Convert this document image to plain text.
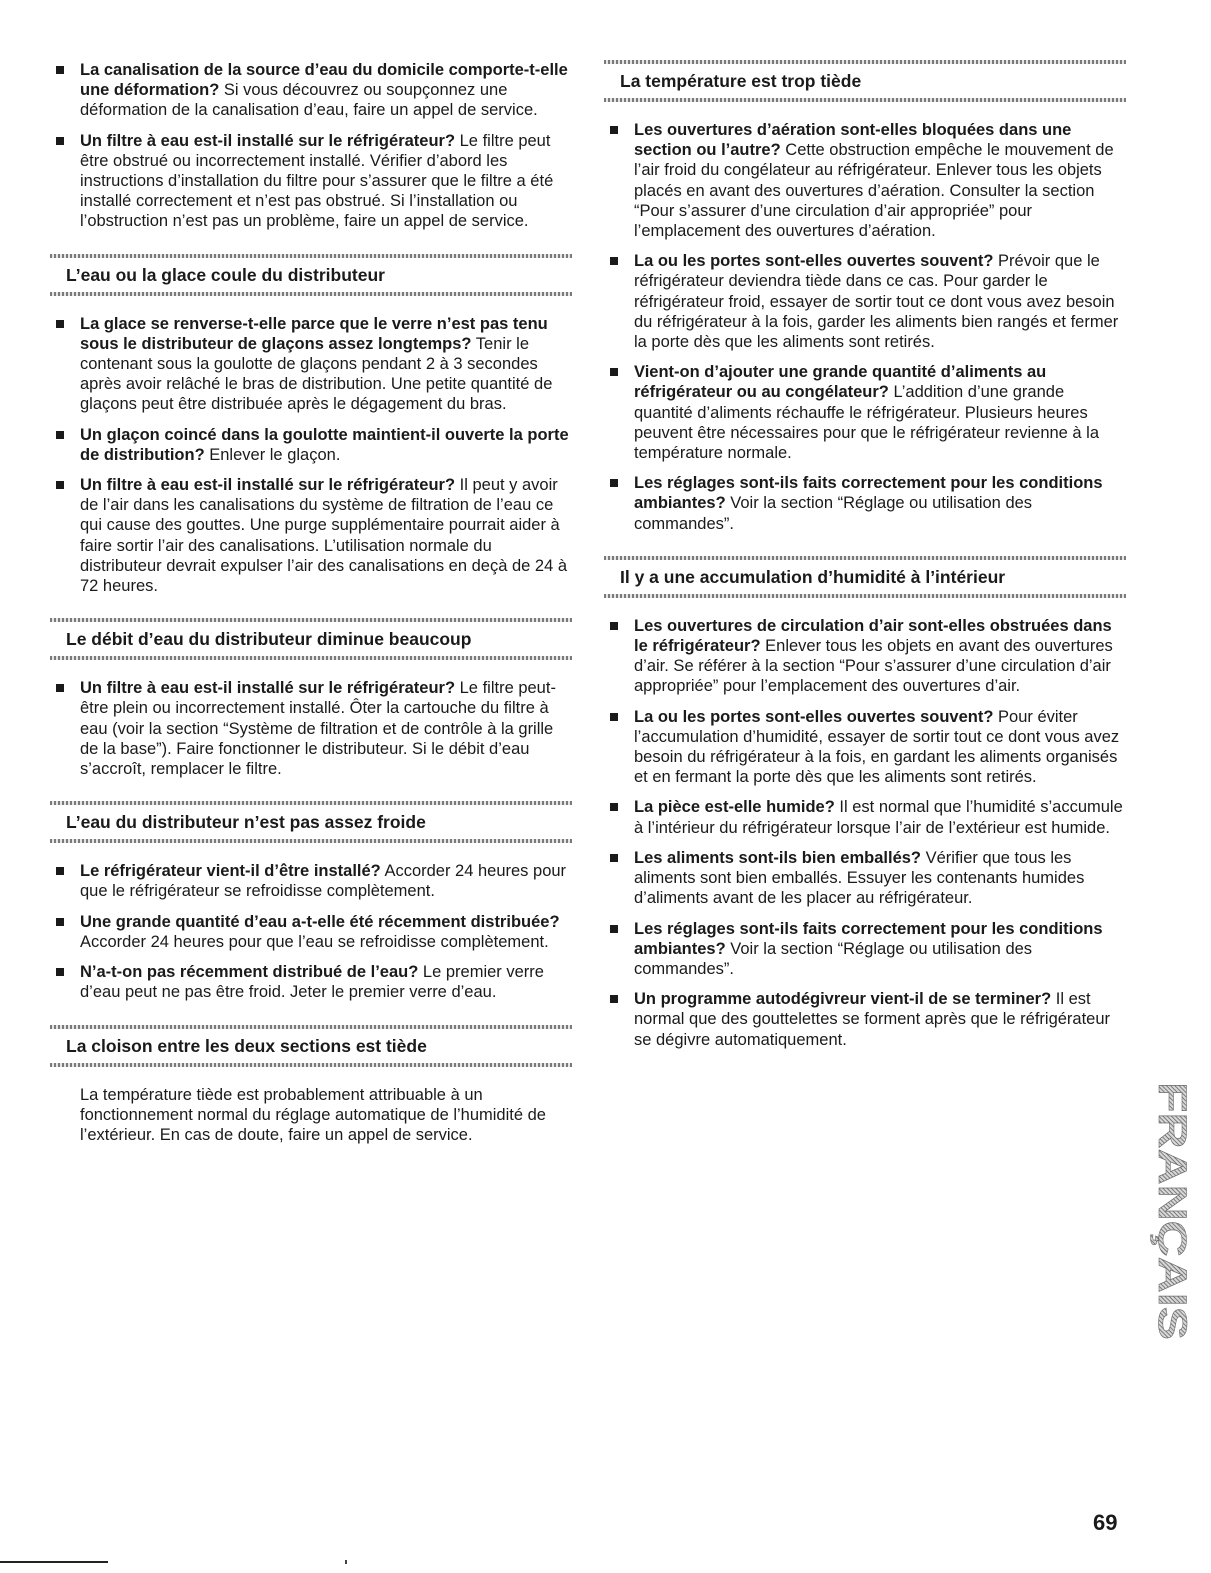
La canalisation de la source d’eau du domicile comporte-t-elle une déformation? Si vous découvrez ou soupçonnez une déformation de la canalisation d’eau, faire un appel de service.
Un filtre à eau est-il installé sur le réfrigérateur? Le filtre peut être obstrué ou incorrectement installé. Vérifier d’abord les instructions d’installation du filtre pour s’assurer que le filtre a été installé correctement et n’est pas obstrué. Si l’installation ou l’obstruction n’est pas un problème, faire un appel de service.
L’eau ou la glace coule du distributeur
La glace se renverse-t-elle parce que le verre n’est pas tenu sous le distributeur de glaçons assez longtemps? Tenir le contenant sous la goulotte de glaçons pendant 2 à 3 secondes après avoir relâché le bras de distribution. Une petite quantité de glaçons peut être distribuée après le dégagement du bras.
Un glaçon coincé dans la goulotte maintient-il ouverte la porte de distribution? Enlever le glaçon.
Un filtre à eau est-il installé sur le réfrigérateur? Il peut y avoir de l’air dans les canalisations du système de filtration de l’eau ce qui cause des gouttes. Une purge supplémentaire pourrait aider à faire sortir l’air des canalisations. L’utilisation normale du distributeur devrait expulser l’air des canalisations en deçà de 24 à 72 heures.
Le débit d’eau du distributeur diminue beaucoup
Un filtre à eau est-il installé sur le réfrigérateur? Le filtre peut-être plein ou incorrectement installé. Ôter la cartouche du filtre à eau (voir la section “Système de filtration et de contrôle à la grille de la base”). Faire fonctionner le distributeur. Si le débit d’eau s’accroît, remplacer le filtre.
L’eau du distributeur n’est pas assez froide
Le réfrigérateur vient-il d’être installé? Accorder 24 heures pour que le réfrigérateur se refroidisse complètement.
Une grande quantité d’eau a-t-elle été récemment distribuée? Accorder 24 heures pour que l’eau se refroidisse complètement.
N’a-t-on pas récemment distribué de l’eau? Le premier verre d’eau peut ne pas être froid. Jeter le premier verre d’eau.
La cloison entre les deux sections est tiède

La température tiède est probablement attribuable à un fonctionnement normal du réglage automatique de l’humidité de l’extérieur. En cas de doute, faire un appel de service.

La température est trop tiède
Les ouvertures d’aération sont-elles bloquées dans une section ou l’autre? Cette obstruction empêche le mouvement de l’air froid du congélateur au réfrigérateur. Enlever tous les objets placés en avant des ouvertures d’aération. Consulter la section “Pour s’assurer d’une circulation d’air appropriée” pour l’emplacement des ouvertures d’aération.
La ou les portes sont-elles ouvertes souvent? Prévoir que le réfrigérateur deviendra tiède dans ce cas. Pour garder le réfrigérateur froid, essayer de sortir tout ce dont vous avez besoin du réfrigérateur à la fois, garder les aliments bien rangés et fermer la porte dès que les aliments sont retirés.
Vient-on d’ajouter une grande quantité d’aliments au réfrigérateur ou au congélateur? L’addition d’une grande quantité d’aliments réchauffe le réfrigérateur. Plusieurs heures peuvent être nécessaires pour que le réfrigérateur revienne à la température normale.
Les réglages sont-ils faits correctement pour les conditions ambiantes? Voir la section “Réglage ou utilisation des commandes”.
Il y a une accumulation d’humidité à l’intérieur
Les ouvertures de circulation d’air sont-elles obstruées dans le réfrigérateur? Enlever tous les objets en avant des ouvertures d’air. Se référer à la section “Pour s’assurer d’une circulation d’air appropriée” pour l’emplacement des ouvertures d’air.
La ou les portes sont-elles ouvertes souvent? Pour éviter l’accumulation d’humidité, essayer de sortir tout ce dont vous avez besoin du réfrigérateur à la fois, en gardant les aliments organisés et en fermant la porte dès que les aliments sont retirés.
La pièce est-elle humide? Il est normal que l’humidité s’accumule à l’intérieur du réfrigérateur lorsque l’air de l’extérieur est humide.
Les aliments sont-ils bien emballés? Vérifier que tous les aliments sont bien emballés. Essuyer les contenants humides d’aliments avant de les placer au réfrigérateur.
Les réglages sont-ils faits correctement pour les conditions ambiantes? Voir la section “Réglage ou utilisation des commandes”.
Un programme autodégivreur vient-il de se terminer? Il est normal que des gouttelettes se forment après que le réfrigérateur se dégivre automatiquement.
FRANÇAIS
69
